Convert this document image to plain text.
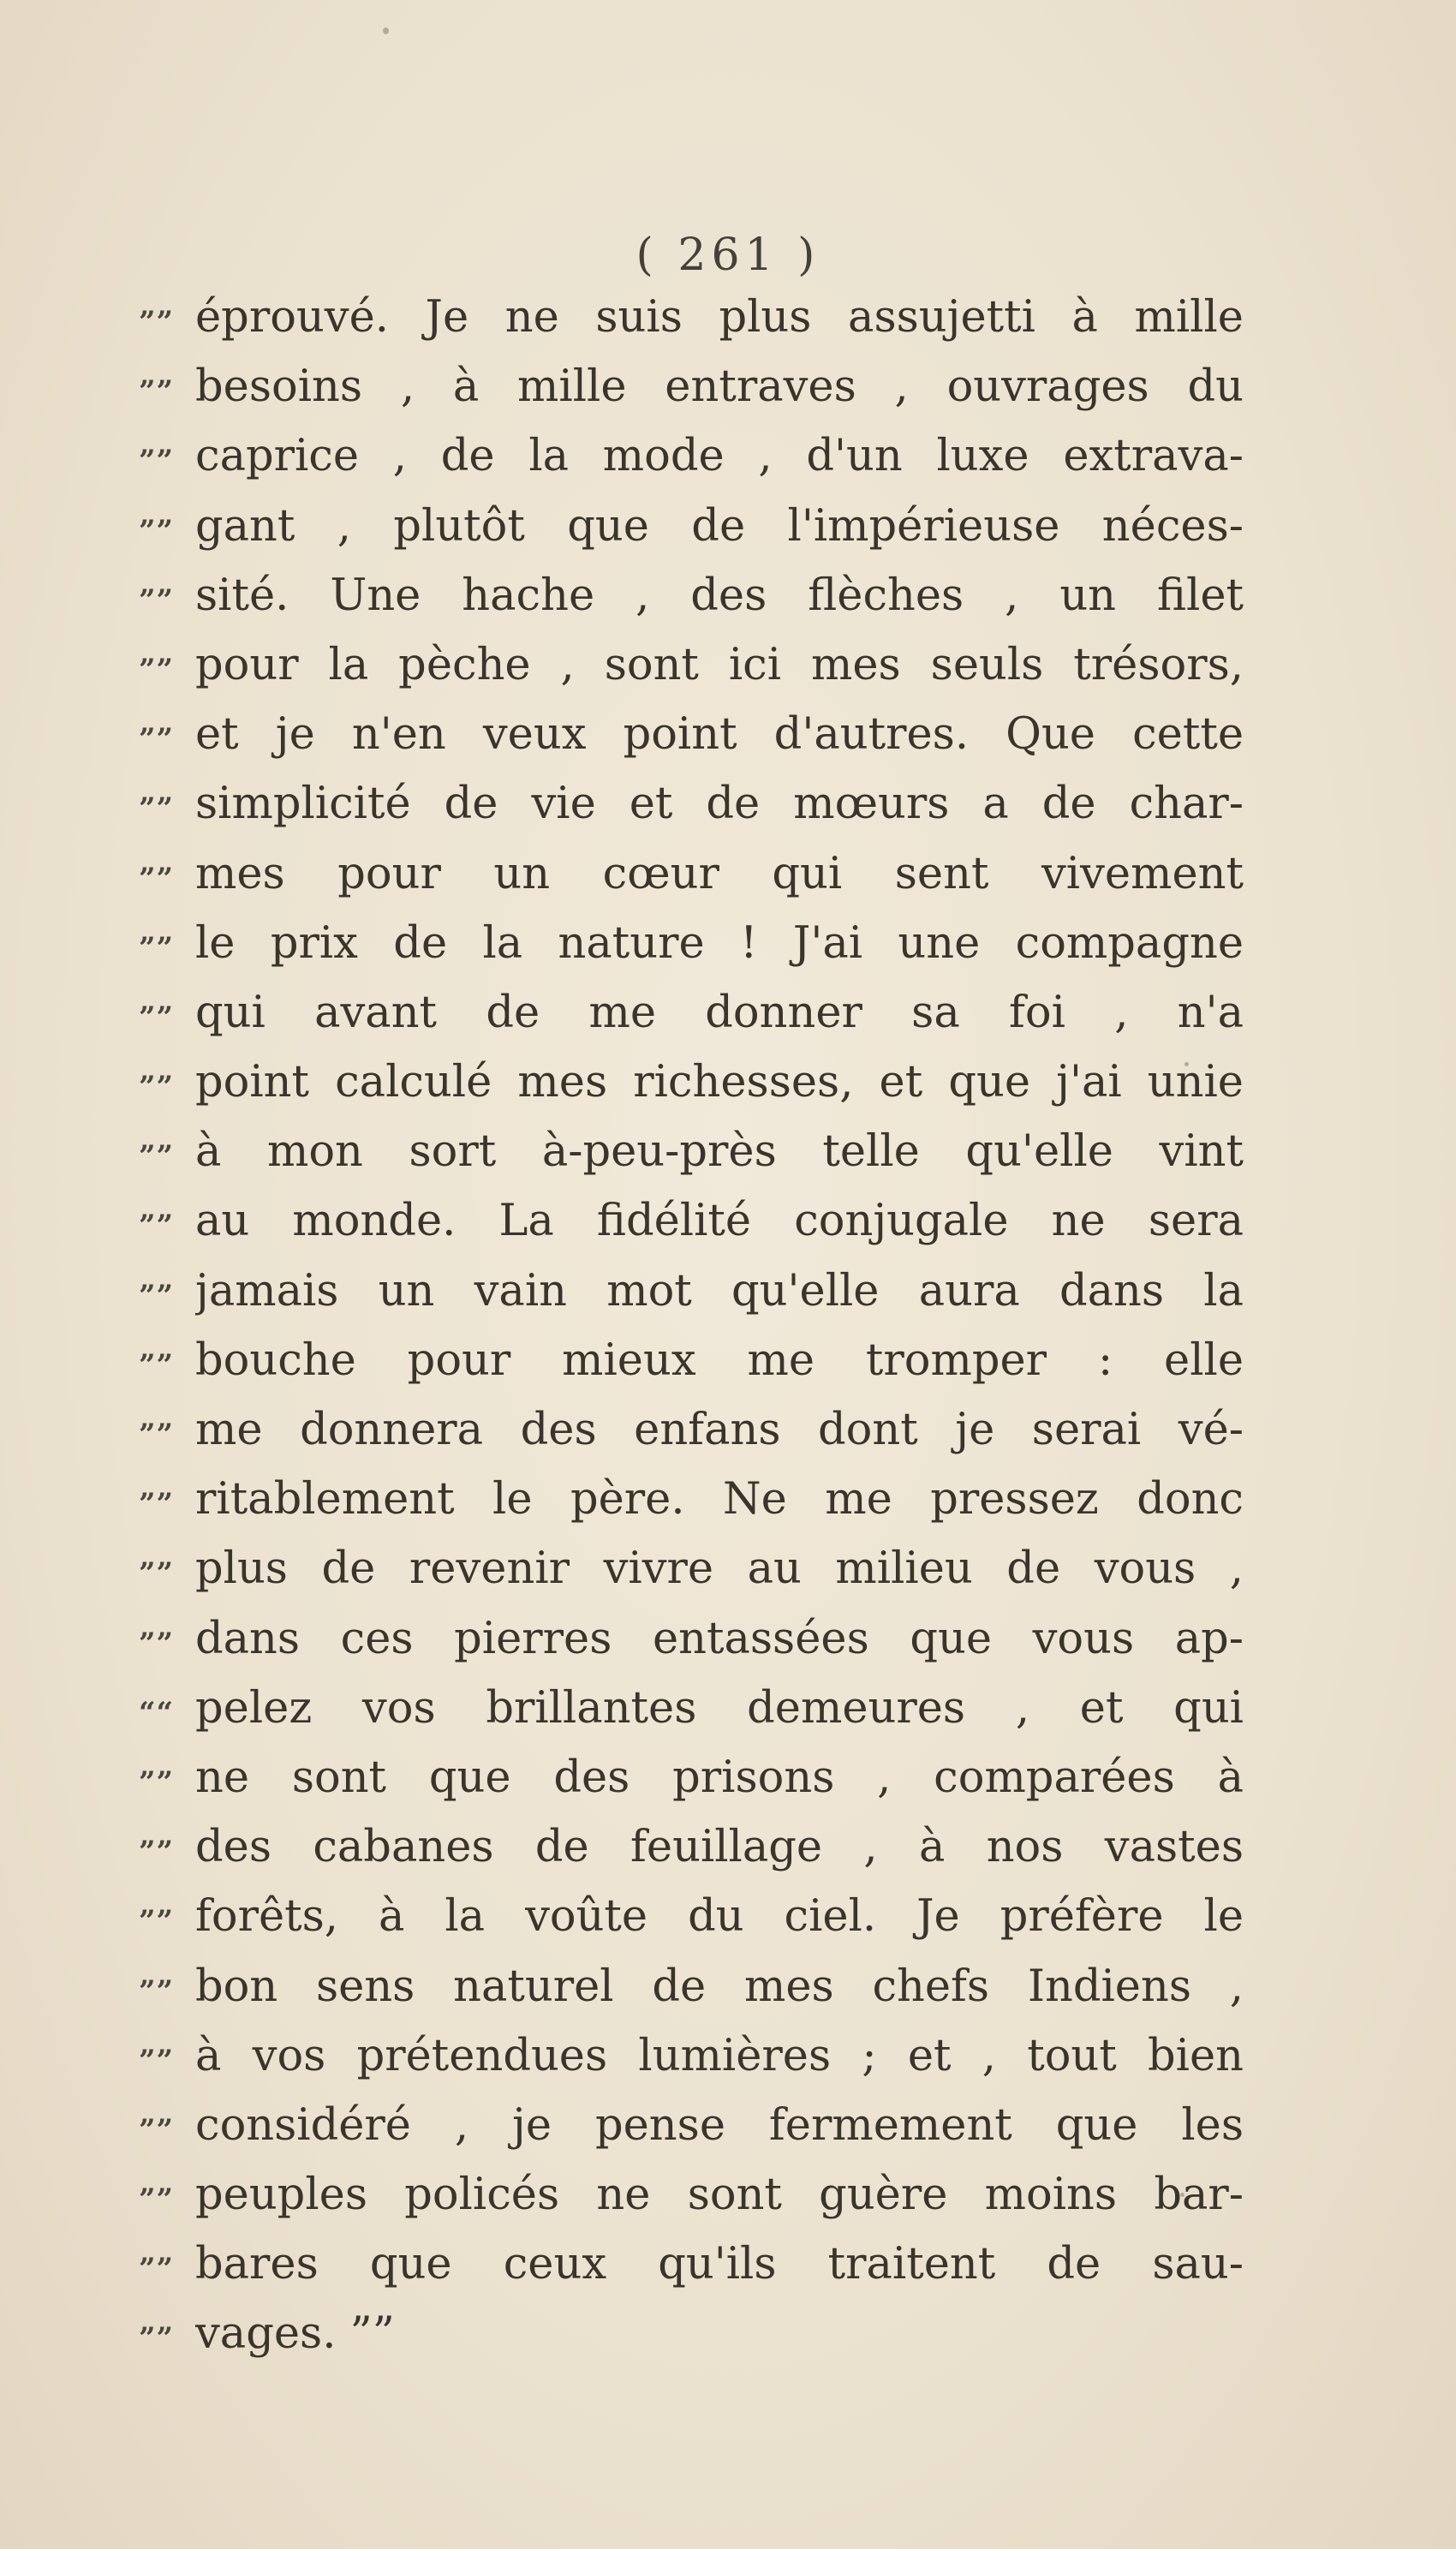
( 261 )
”” éprouvé. Je ne suis plus assujetti à mille
”” besoins , à mille entraves , ouvrages du
”” caprice , de la mode , d'un luxe extrava-
”” gant , plutôt que de l'impérieuse néces-
”” sité. Une hache , des flèches , un filet
”” pour la pèche , sont ici mes seuls trésors,
”” et je n'en veux point d'autres. Que cette
”” simplicité de vie et de mœurs a de char-
”” mes pour un cœur qui sent vivement
”” le prix de la nature ! J'ai une compagne
”” qui avant de me donner sa foi , n'a
”” point calculé mes richesses, et que j'ai unie
”” à mon sort à-peu-près telle qu'elle vint
”” au monde. La fidélité conjugale ne sera
”” jamais un vain mot qu'elle aura dans la
”” bouche pour mieux me tromper : elle
”” me donnera des enfans dont je serai vé-
”” ritablement le père. Ne me pressez donc
”” plus de revenir vivre au milieu de vous ,
”” dans ces pierres entassées que vous ap-
““ pelez vos brillantes demeures , et qui
”” ne sont que des prisons , comparées à
”” des cabanes de feuillage , à nos vastes
”” forêts, à la voûte du ciel. Je préfère le
”” bon sens naturel de mes chefs Indiens ,
”” à vos prétendues lumières ; et , tout bien
”” considéré , je pense fermement que les
”” peuples policés ne sont guère moins bar-
”” bares que ceux qu'ils traitent de sau-
”” vages. ””
